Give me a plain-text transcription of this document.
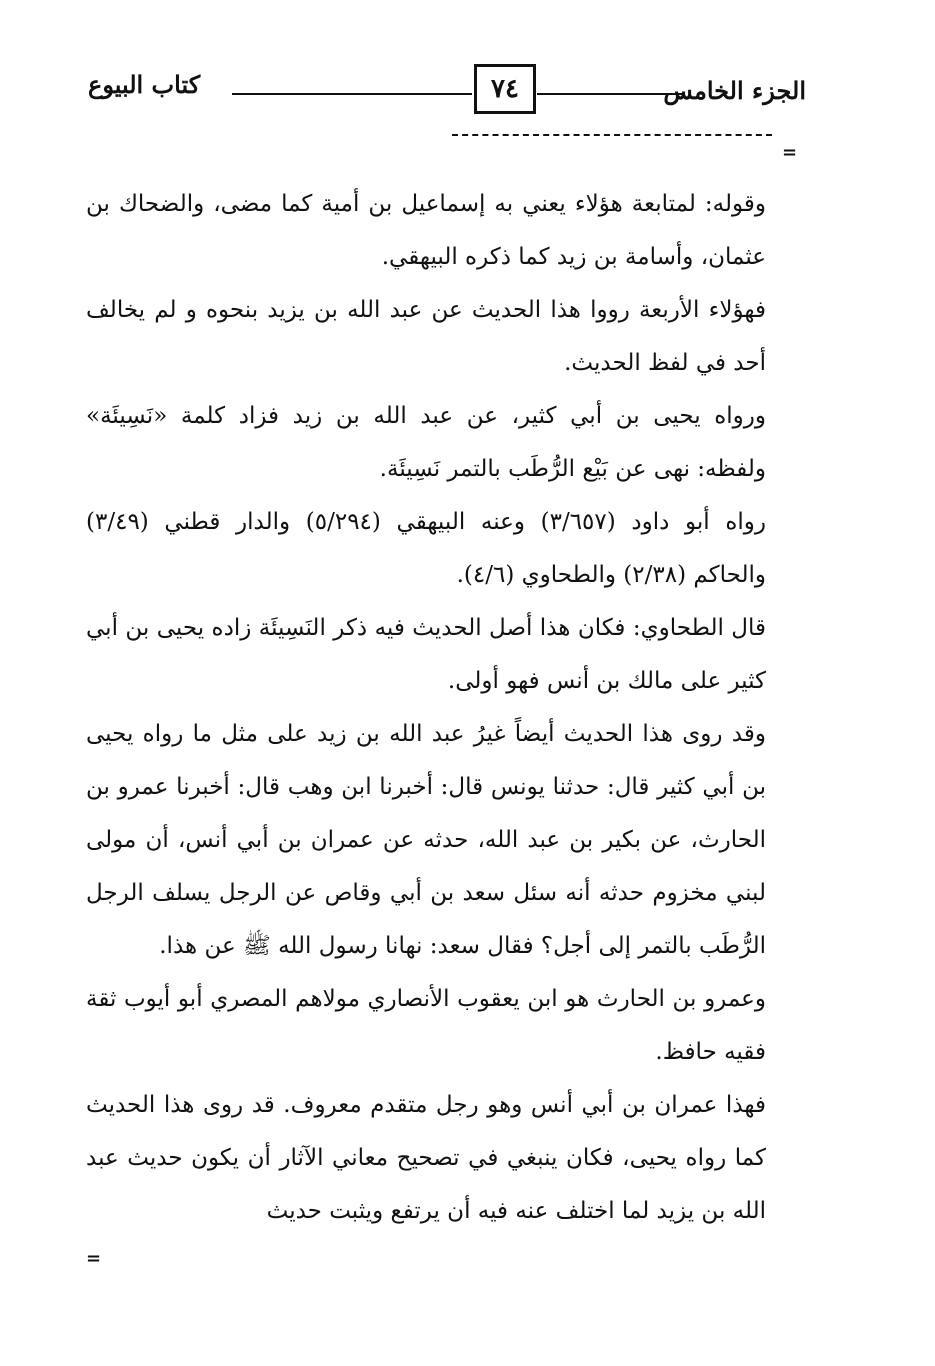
كتاب البيوع	٧٤	الجزء الخامس
=

وقوله: لمتابعة هؤلاء يعني به إسماعيل بن أمية كما مضى، والضحاك بن عثمان، وأسامة بن زيد كما ذكره البيهقي.

فهؤلاء الأربعة رووا هذا الحديث عن عبد الله بن يزيد بنحوه و لم يخالف أحد في لفظ الحديث.

ورواه يحيى بن أبي كثير، عن عبد الله بن زيد فزاد كلمة «نَسِيئَة» ولفظه: نهى عن بَيْع الرُّطَب بالتمر نَسِيئَة.

رواه أبو داود (٣/٦٥٧) وعنه البيهقي (٥/٢٩٤) والدار قطني (٣/٤٩) والحاكم (٢/٣٨) والطحاوي (٤/٦).

قال الطحاوي: فكان هذا أصل الحديث فيه ذكر النَسِيئَة زاده يحيى بن أبي كثير على مالك بن أنس فهو أولى.

وقد روى هذا الحديث أيضاً غيرُ عبد الله بن زيد على مثل ما رواه يحيى بن أبي كثير قال: حدثنا يونس قال: أخبرنا ابن وهب قال: أخبرنا عمرو بن الحارث، عن بكير بن عبد الله، حدثه عن عمران بن أبي أنس، أن مولى لبني مخزوم حدثه أنه سئل سعد بن أبي وقاص عن الرجل يسلف الرجل الرُّطَب بالتمر إلى أجل؟ فقال سعد: نهانا رسول الله ﷺ عن هذا.

وعمرو بن الحارث هو ابن يعقوب الأنصاري مولاهم المصري أبو أيوب ثقة فقيه حافظ.

فهذا عمران بن أبي أنس وهو رجل متقدم معروف. قد روى هذا الحديث كما رواه يحيى، فكان ينبغي في تصحيح معاني الآثار أن يكون حديث عبد الله بن يزيد لما اختلف عنه فيه أن يرتفع ويثبت حديث

=
